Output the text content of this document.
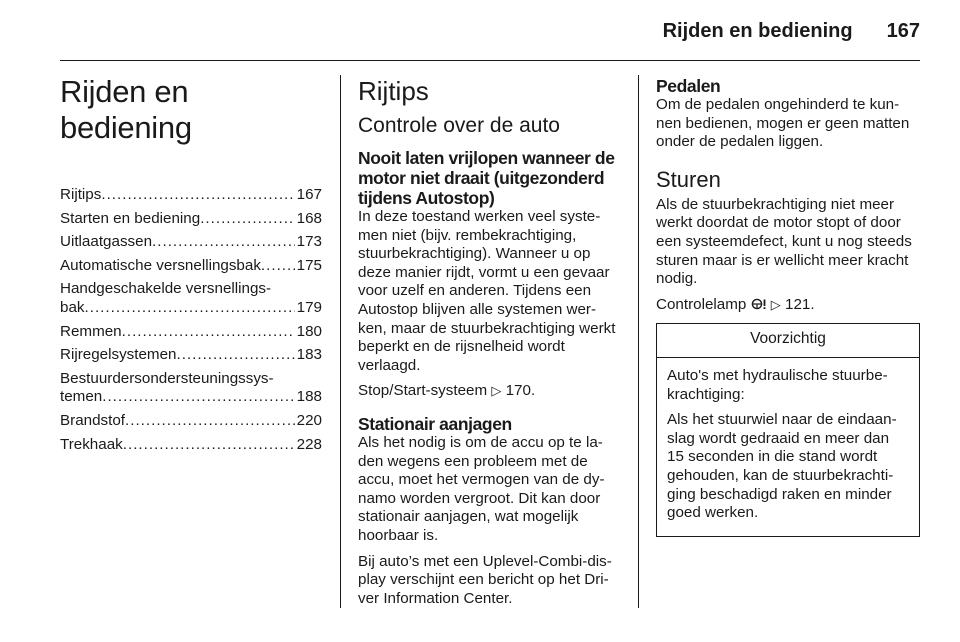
Rijden en bediening 167
Rijden en bediening
Rijtips .....	167
Starten en bediening .....	168
Uitlaatgassen .....	173
Automatische versnellingsbak ..... 175
Handgeschakelde versnellings-
bak .....	179
Remmen .....	180
Rijregelsystemen .....	183
Bestuurdersondersteuningssys-
temen .....	188
Brandstof .....	220
Trekhaak .....	228
Rijtips
Controle over de auto
Nooit laten vrijlopen wanneer de motor niet draait (uitgezonderd tijdens Autostop)

In deze toestand werken veel syste-men niet (bijv. rembekrachtiging, stuurbekrachtiging). Wanneer u op deze manier rijdt, vormt u een gevaar voor uzelf en anderen. Tijdens een Autostop blijven alle systemen wer-ken, maar de stuurbekrachtiging werkt beperkt en de rijsnelheid wordt verlaagd.

Stop/Start-systeem ▷ 170.

Stationair aanjagen

Als het nodig is om de accu op te la-den wegens een probleem met de accu, moet het vermogen van de dy-namo worden vergroot. Dit kan door stationair aanjagen, wat mogelijk hoorbaar is.

Bij auto’s met een Uplevel-Combi-dis-play verschijnt een bericht op het Dri-ver Information Center.

Pedalen

Om de pedalen ongehinderd te kun-nen bedienen, mogen er geen matten onder de pedalen liggen.

Sturen

Als de stuurbekrachtiging niet meer werkt doordat de motor stopt of door een systeemdefect, kunt u nog steeds sturen maar is er wellicht meer kracht nodig.

Controlelamp ▷ 121.

Voorzichtig

Auto's met hydraulische stuurbe-krachtiging:

Als het stuurwiel naar de eindaan-slag wordt gedraaid en meer dan 15 seconden in die stand wordt gehouden, kan de stuurbekrachti-ging beschadigd raken en minder goed werken.
